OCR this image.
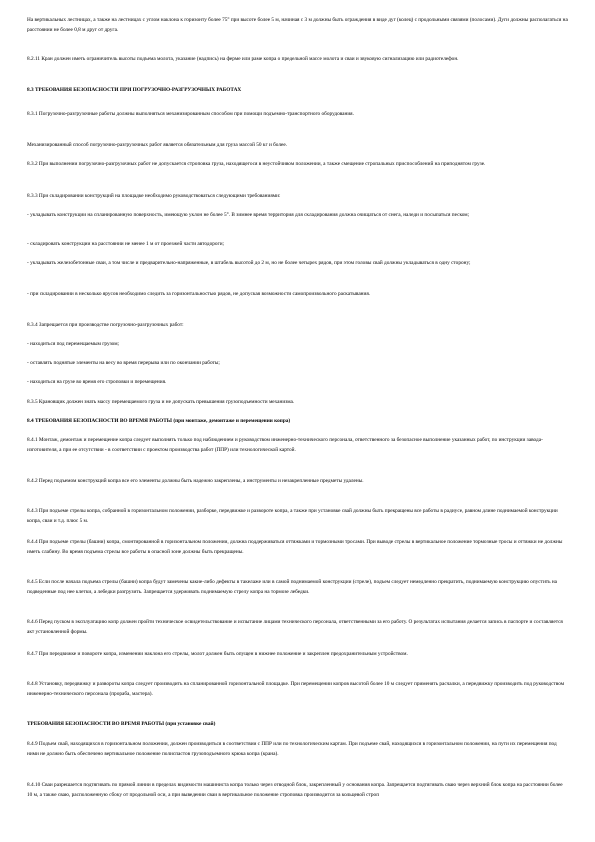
На вертикальных лестницах, а также на лестницах с углом наклона к горизонту более 75° при высоте более 5 м, начиная с 3 м должны быть ограждения в виде дуг (колец) с продольными связями (полосами). Дуги должны располагаться на расстоянии не более 0,8 м друг от друга.

8.2.11 Кран должен иметь ограничитель высоты подъема молота, указание (надпись) на ферме или раме копра о предельной массе молота и сваи и звуковую сигнализацию или радиотелефон.

8.3 ТРЕБОВАНИЯ БЕЗОПАСНОСТИ ПРИ ПОГРУЗОЧНО-РАЗГРУЗОЧНЫХ РАБОТАХ

8.3.1 Погрузочно-разгрузочные работы должны выполняться механизированным способом при помощи подъемно-транспортного оборудования.

Механизированный способ погрузочно-разгрузочных работ является обязательным для груза массой 50 кг и более.

8.3.2 При выполнении погрузочно-разгрузочных работ не допускается строповка груза, находящегося в неустойчивом положении, а также смещение стропальных приспособлений на приподнятом грузе.

8.3.3 При складировании конструкций на площадке необходимо руководствоваться следующими требованиями:

- укладывать конструкции на спланированную поверхность, имеющую уклон не более 5°. В зимнее время территория для складирования должна очищаться от снега, наледи и посыпаться песком;

- складировать конструкции на расстоянии не менее 1 м от проезжей части автодороги;

- укладывать железобетонные сваи, а том числе и предварительно-напряженные, в штабель высотой до 2 м, но не более четырех рядов, при этом головы свай должны укладываться в одну сторону;

- при складировании в несколько ярусов необходимо следить за горизонтальностью рядов, не допуская возможности самопроизвольного раскатывания.

8.3.4 Запрещается при производстве погрузочно-разгрузочных работ:

- находиться под перемещаемым грузом;

- оставлять поднятые элементы на весу во время перерыва или по окончании работы;

- находиться на грузе во время его строповки и перемещения.

8.3.5 Крановщик должен знать массу перемещаемого груза и не допускать превышения грузоподъемности механизма.

8.4 ТРЕБОВАНИЯ БЕЗОПАСНОСТИ ВО ВРЕМЯ РАБОТЫ (при монтаже, демонтаже и перемещении копра)

8.4.1 Монтаж, демонтаж и перемещение копра следует выполнять только под наблюдением и руководством инженерно-технического персонала, ответственного за безопасное выполнение указанных работ, по инструкции завода-изготовителя, а при ее отсутствии - в соответствии с проектом производства работ (ППР) или технологической картой.

8.4.2 Перед подъемом конструкций копра все его элементы должны быть надежно закреплены, а инструменты и незакрепленные предметы удалены.

8.4.3 При подъеме стрелы копра, собранной в горизонтальном положении, разборке, передвижке и развороте копра, а также при установке свай должны быть прекращены все работы в радиусе, равном длине поднимаемой конструкции копра, сваи и т.д. плюс 5 м.

8.4.4 При подъеме стрелы (башни) копра, смонтированной в горизонтальном положении, должна поддерживаться оттяжками и тормозными тросами. При выводе стрелы в вертикальное положение тормозные тросы и оттяжки не должны иметь слабину. Во время подъема стрелы все работы в опасной зоне должны быть прекращены.

8.4.5 Если после начала подъема стрелы (башни) копра будут замечены какие-либо дефекты в такелаже или в самой поднимаемой конструкции (стреле), подъем следует немедленно прекратить, поднимаемую конструкцию опустить на подведенные под нее клетки, а лебедки разгрузить. Запрещается удерживать поднимаемую стрелу копра на тормозе лебедки.

8.4.6 Перед пуском в эксплуатацию копр должен пройти техническое освидетельствование и испытание лицами технического персонала, ответственными за его работу. О результатах испытания делается запись в паспорте и составляется акт установленной формы.

8.4.7 При передвижке и повороте копра, изменении наклона его стрелы, молот должен быть опущен в нижнее положение и закреплен предохранительным устройством.

8.4.8 Установку, передвижку и развороты копра следует производить на спланированной горизонтальной площадке. При перемещении копров высотой более 10 м следует применять расчалки, а передвижку производить под руководством инженерно-технического персонала (прораба, мастера).

ТРЕБОВАНИЯ БЕЗОПАСНОСТИ ВО ВРЕМЯ РАБОТЫ (при установке свай)

8.4.9 Подъем свай, находящихся в горизонтальном положении, должен производиться в соответствии с ППР или по технологическим картам. При подъеме свай, находящихся в горизонтальном положении, на пути их перемещения под ними не должно быть обеспечено вертикальное положение полиспастов грузоподъемного крюка копра (крана).

8.4.10 Сваи разрешается подтягивать по прямой линии в пределах видимости машиниста копра только через отводной блок, закрепленный у основания копра. Запрещается подтягивать сваю через верхний блок копра на расстоянии более 10 м, а также сваю, расположенную сбоку от продольной оси, а при выведении сваи в вертикальное положение строповка производится за кольцевой строп
